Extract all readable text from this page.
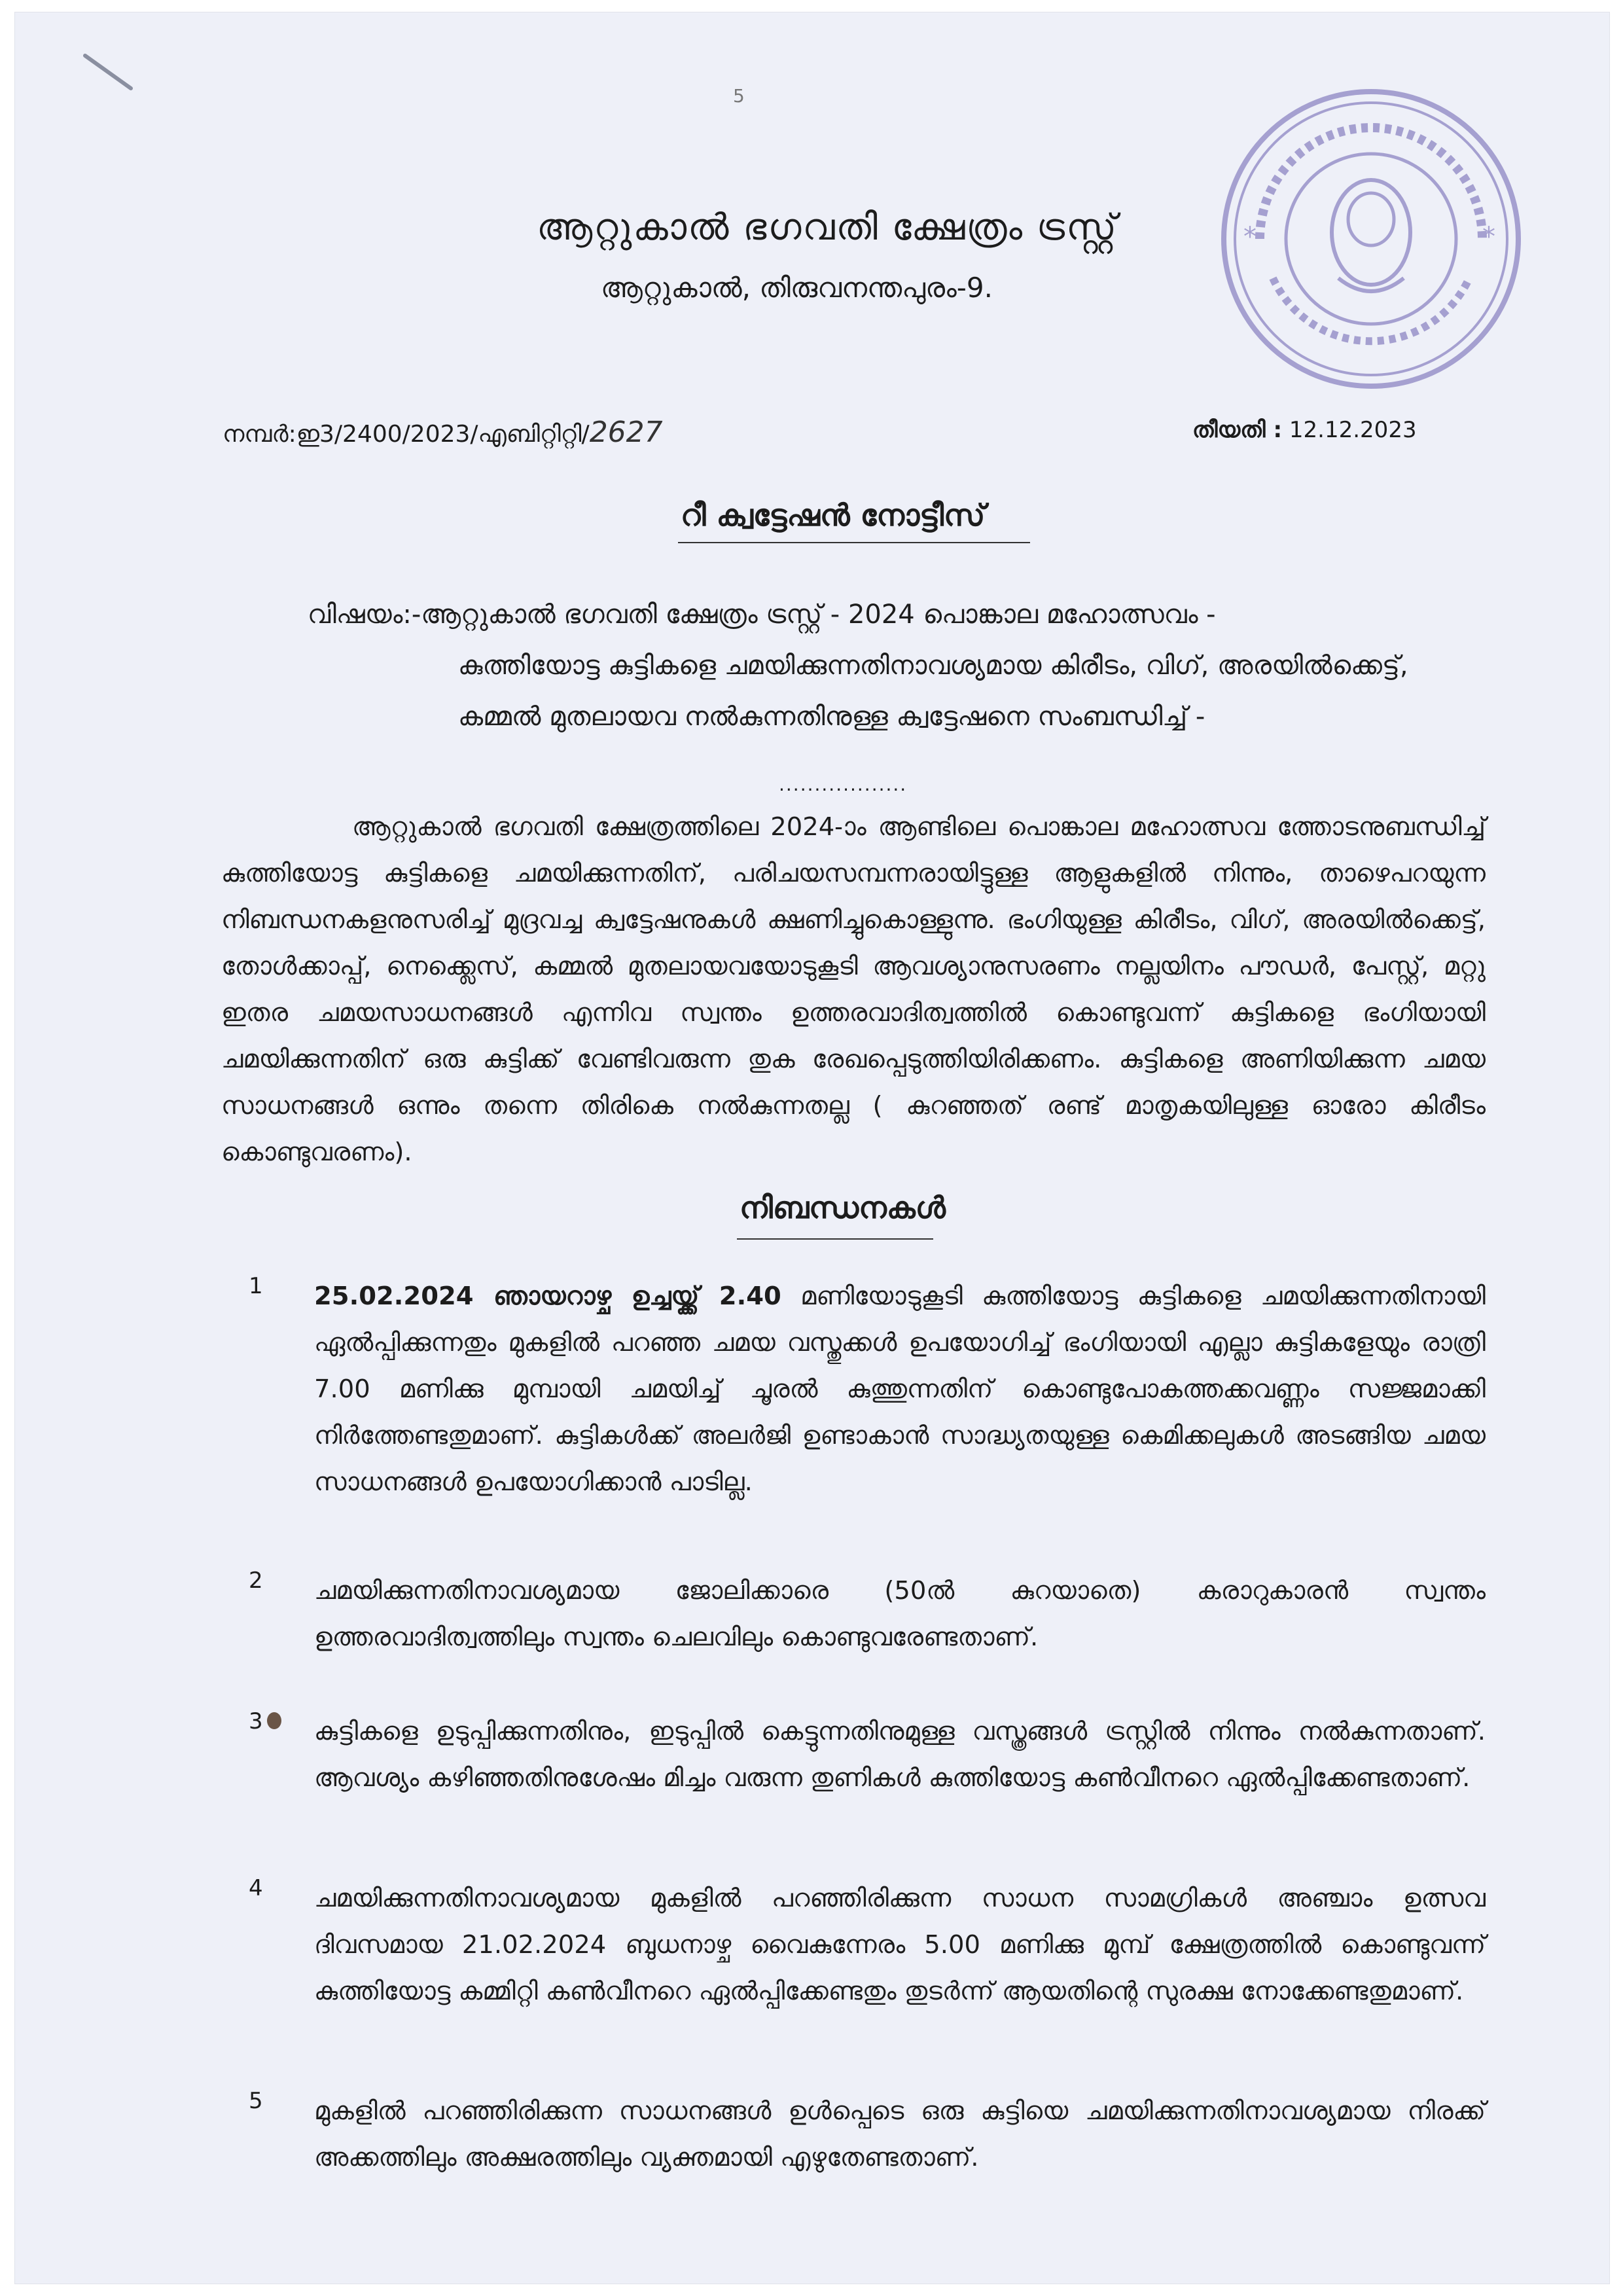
5
*
*
ആറ്റുകാൽ ഭഗവതി ക്ഷേത്രം ട്രസ്റ്റ്
ആറ്റുകാൽ, തിരുവനന്തപുരം-9.
നമ്പർ:ഇ3/2400/2023/എബിറ്റിറ്റി/2627	തീയതി : 12.12.2023
റീ ക്വട്ടേഷൻ നോട്ടീസ്
വിഷയം:-ആറ്റുകാൽ ഭഗവതി ക്ഷേത്രം ട്രസ്റ്റ് - 2024 പൊങ്കാല മഹോത്സവം -
കുത്തിയോട്ട കുട്ടികളെ ചമയിക്കുന്നതിനാവശ്യമായ കിരീടം, വിഗ്, അരയിൽക്കെട്ട്, കമ്മൽ മുതലായവ നൽകുന്നതിനുള്ള ക്വട്ടേഷനെ സംബന്ധിച്ച് -
..................
ആറ്റുകാൽ ഭഗവതി ക്ഷേത്രത്തിലെ 2024-ാം ആണ്ടിലെ പൊങ്കാല മഹോത്സവ ത്തോടനുബന്ധിച്ച് കുത്തിയോട്ട കുട്ടികളെ ചമയിക്കുന്നതിന്, പരിചയസമ്പന്നരായിട്ടുള്ള ആളുകളിൽ നിന്നും, താഴെപറയുന്ന നിബന്ധനകളനുസരിച്ച് മുദ്രവച്ച ക്വട്ടേഷനുകൾ ക്ഷണിച്ചുകൊള്ളുന്നു. ഭംഗിയുള്ള കിരീടം, വിഗ്, അരയിൽക്കെട്ട്, തോൾക്കാപ്പ്, നെക്ക്ലെസ്, കമ്മൽ മുതലായവയോടുകൂടി ആവശ്യാനുസരണം നല്ലയിനം പൗഡർ, പേസ്റ്റ്, മറ്റു ഇതര ചമയസാധനങ്ങൾ എന്നിവ സ്വന്തം ഉത്തരവാദിത്വത്തിൽ കൊണ്ടുവന്ന് കുട്ടികളെ ഭംഗിയായി ചമയിക്കുന്നതിന് ഒരു കുട്ടിക്ക് വേണ്ടിവരുന്ന തുക രേഖപ്പെടുത്തിയിരിക്കണം. കുട്ടികളെ അണിയിക്കുന്ന ചമയ സാധനങ്ങൾ ഒന്നും തന്നെ തിരികെ നൽകുന്നതല്ല ( കുറഞ്ഞത് രണ്ട് മാതൃകയിലുള്ള ഓരോ കിരീടം കൊണ്ടുവരണം).
നിബന്ധനകൾ
1 25.02.2024 ഞായറാഴ്ച ഉച്ചയ്ക്ക് 2.40 മണിയോടുകൂടി കുത്തിയോട്ട കുട്ടികളെ ചമയിക്കുന്നതിനായി ഏൽപ്പിക്കുന്നതും മുകളിൽ പറഞ്ഞ ചമയ വസ്തുക്കൾ ഉപയോഗിച്ച് ഭംഗിയായി എല്ലാ കുട്ടികളേയും രാത്രി 7.00 മണിക്കു മുമ്പായി ചമയിച്ച് ചൂരൽ കുത്തുന്നതിന് കൊണ്ടുപോകത്തക്കവണ്ണം സജ്ജമാക്കി നിർത്തേണ്ടതുമാണ്. കുട്ടികൾക്ക് അലർജി ഉണ്ടാകാൻ സാദ്ധ്യതയുള്ള കെമിക്കലുകൾ അടങ്ങിയ ചമയ സാധനങ്ങൾ ഉപയോഗിക്കാൻ പാടില്ല.
2 ചമയിക്കുന്നതിനാവശ്യമായ ജോലിക്കാരെ (50ൽ കുറയാതെ) കരാറുകാരൻ സ്വന്തം ഉത്തരവാദിത്വത്തിലും സ്വന്തം ചെലവിലും കൊണ്ടുവരേണ്ടതാണ്.
3 കുട്ടികളെ ഉടുപ്പിക്കുന്നതിനും, ഇടുപ്പിൽ കെട്ടുന്നതിനുമുള്ള വസ്ത്രങ്ങൾ ട്രസ്റ്റിൽ നിന്നും നൽകുന്നതാണ്. ആവശ്യം കഴിഞ്ഞതിനുശേഷം മിച്ചം വരുന്ന തുണികൾ കുത്തിയോട്ട കൺവീനറെ ഏൽപ്പിക്കേണ്ടതാണ്.
4 ചമയിക്കുന്നതിനാവശ്യമായ മുകളിൽ പറഞ്ഞിരിക്കുന്ന സാധന സാമഗ്രികൾ അഞ്ചാം ഉത്സവ ദിവസമായ 21.02.2024 ബുധനാഴ്ച വൈകുന്നേരം 5.00 മണിക്കു മുമ്പ് ക്ഷേത്രത്തിൽ കൊണ്ടുവന്ന് കുത്തിയോട്ട കമ്മിറ്റി കൺവീനറെ ഏൽപ്പിക്കേണ്ടതും തുടർന്ന് ആയതിന്റെ സുരക്ഷ നോക്കേണ്ടതുമാണ്.
5 മുകളിൽ പറഞ്ഞിരിക്കുന്ന സാധനങ്ങൾ ഉൾപ്പെടെ ഒരു കുട്ടിയെ ചമയിക്കുന്നതിനാവശ്യമായ നിരക്ക് അക്കത്തിലും അക്ഷരത്തിലും വ്യക്തമായി എഴുതേണ്ടതാണ്.
